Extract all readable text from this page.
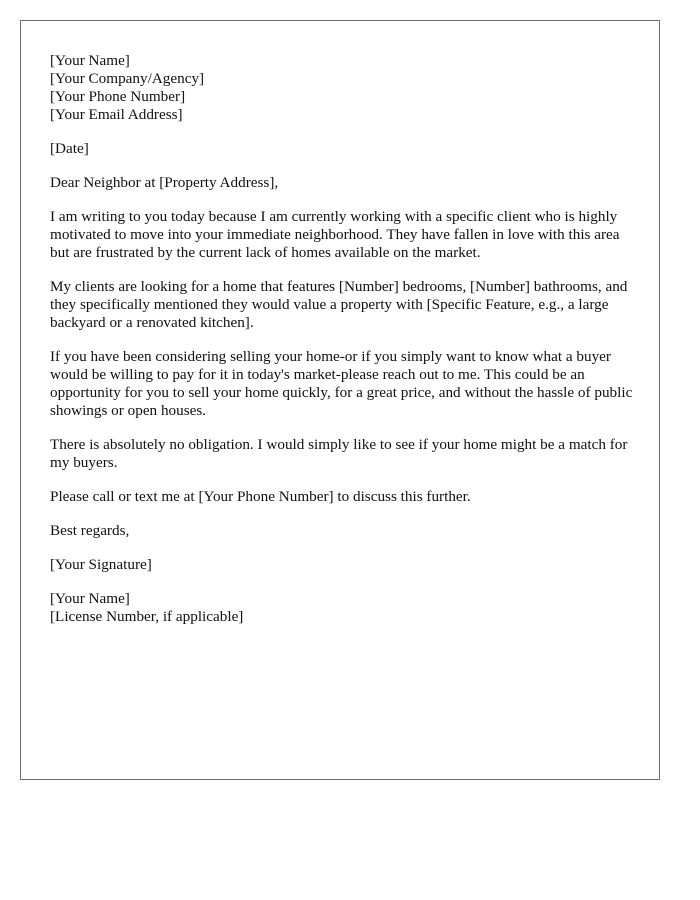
[Your Name]
[Your Company/Agency]
[Your Phone Number]
[Your Email Address]
[Date]
Dear Neighbor at [Property Address],

I am writing to you today because I am currently working with a specific client who is highly motivated to move into your immediate neighborhood. They have fallen in love with this area but are frustrated by the current lack of homes available on the market.

My clients are looking for a home that features [Number] bedrooms, [Number] bathrooms, and they specifically mentioned they would value a property with [Specific Feature, e.g., a large backyard or a renovated kitchen].

If you have been considering selling your home-or if you simply want to know what a buyer would be willing to pay for it in today's market-please reach out to me. This could be an opportunity for you to sell your home quickly, for a great price, and without the hassle of public showings or open houses.

There is absolutely no obligation. I would simply like to see if your home might be a match for my buyers.

Please call or text me at [Your Phone Number] to discuss this further.

Best regards,
[Your Signature]
[Your Name]
[License Number, if applicable]
